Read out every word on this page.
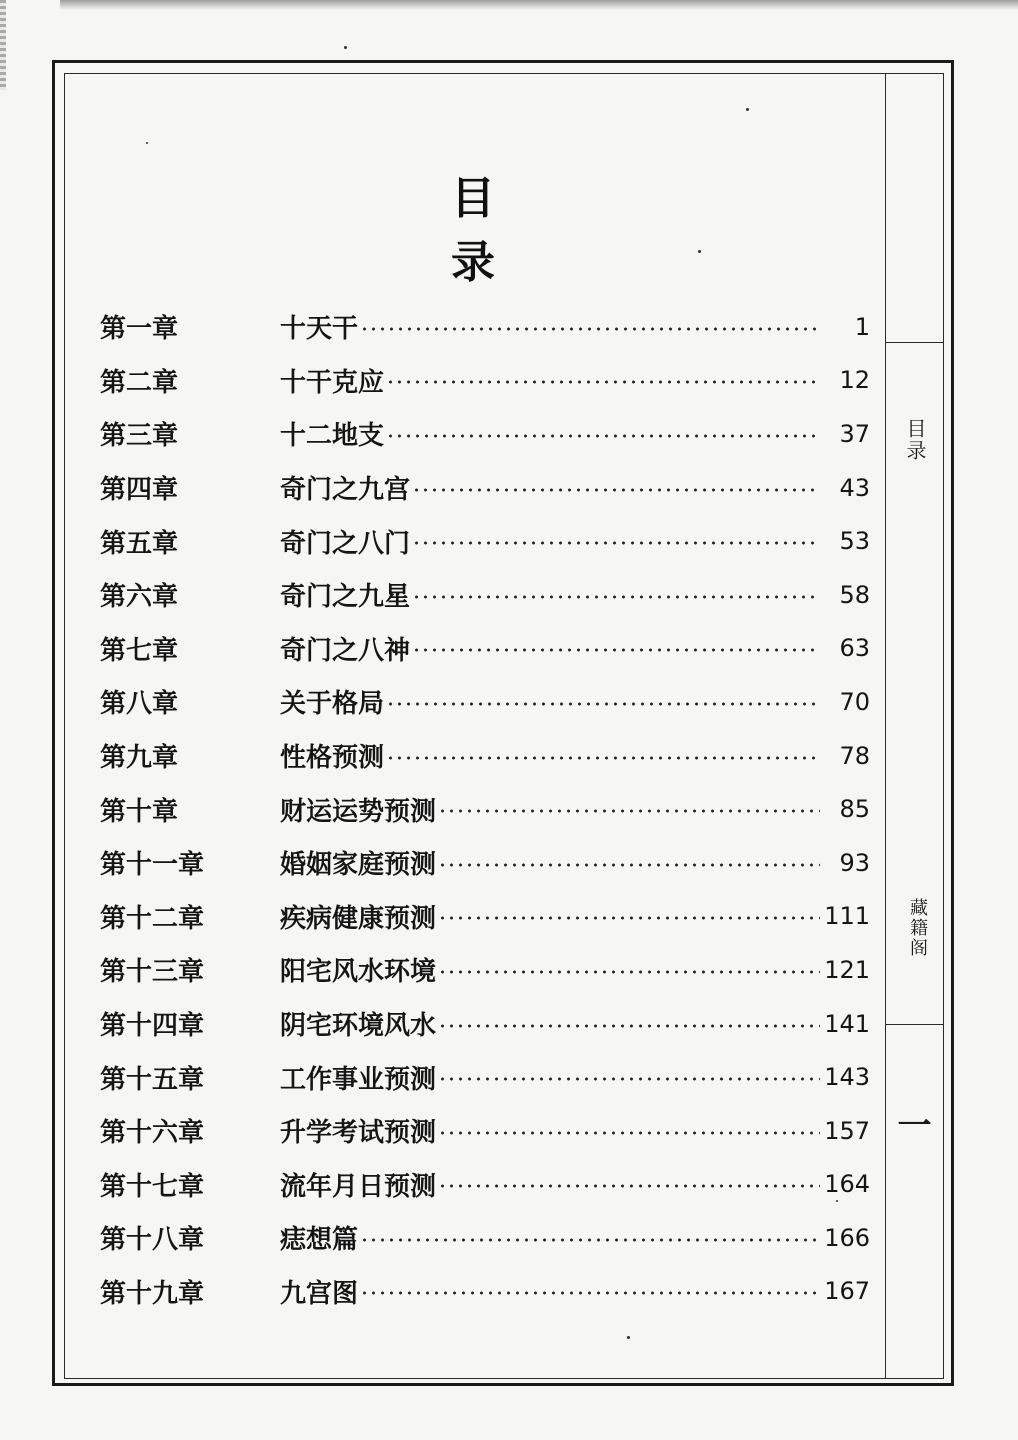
目录
藏籍阁
一
目 录
第一章	十天干	1
第二章	十干克应	12
第三章	十二地支	37
第四章	奇门之九宫	43
第五章	奇门之八门	53
第六章	奇门之九星	58
第七章	奇门之八神	63
第八章	关于格局	70
第九章	性格预测	78
第十章	财运运势预测	85
第十一章	婚姻家庭预测	93
第十二章	疾病健康预测	111
第十三章	阳宅风水环境	121
第十四章	阴宅环境风水	141
第十五章	工作事业预测	143
第十六章	升学考试预测	157
第十七章	流年月日预测	164
第十八章	痣想篇	166
第十九章	九宫图	167
